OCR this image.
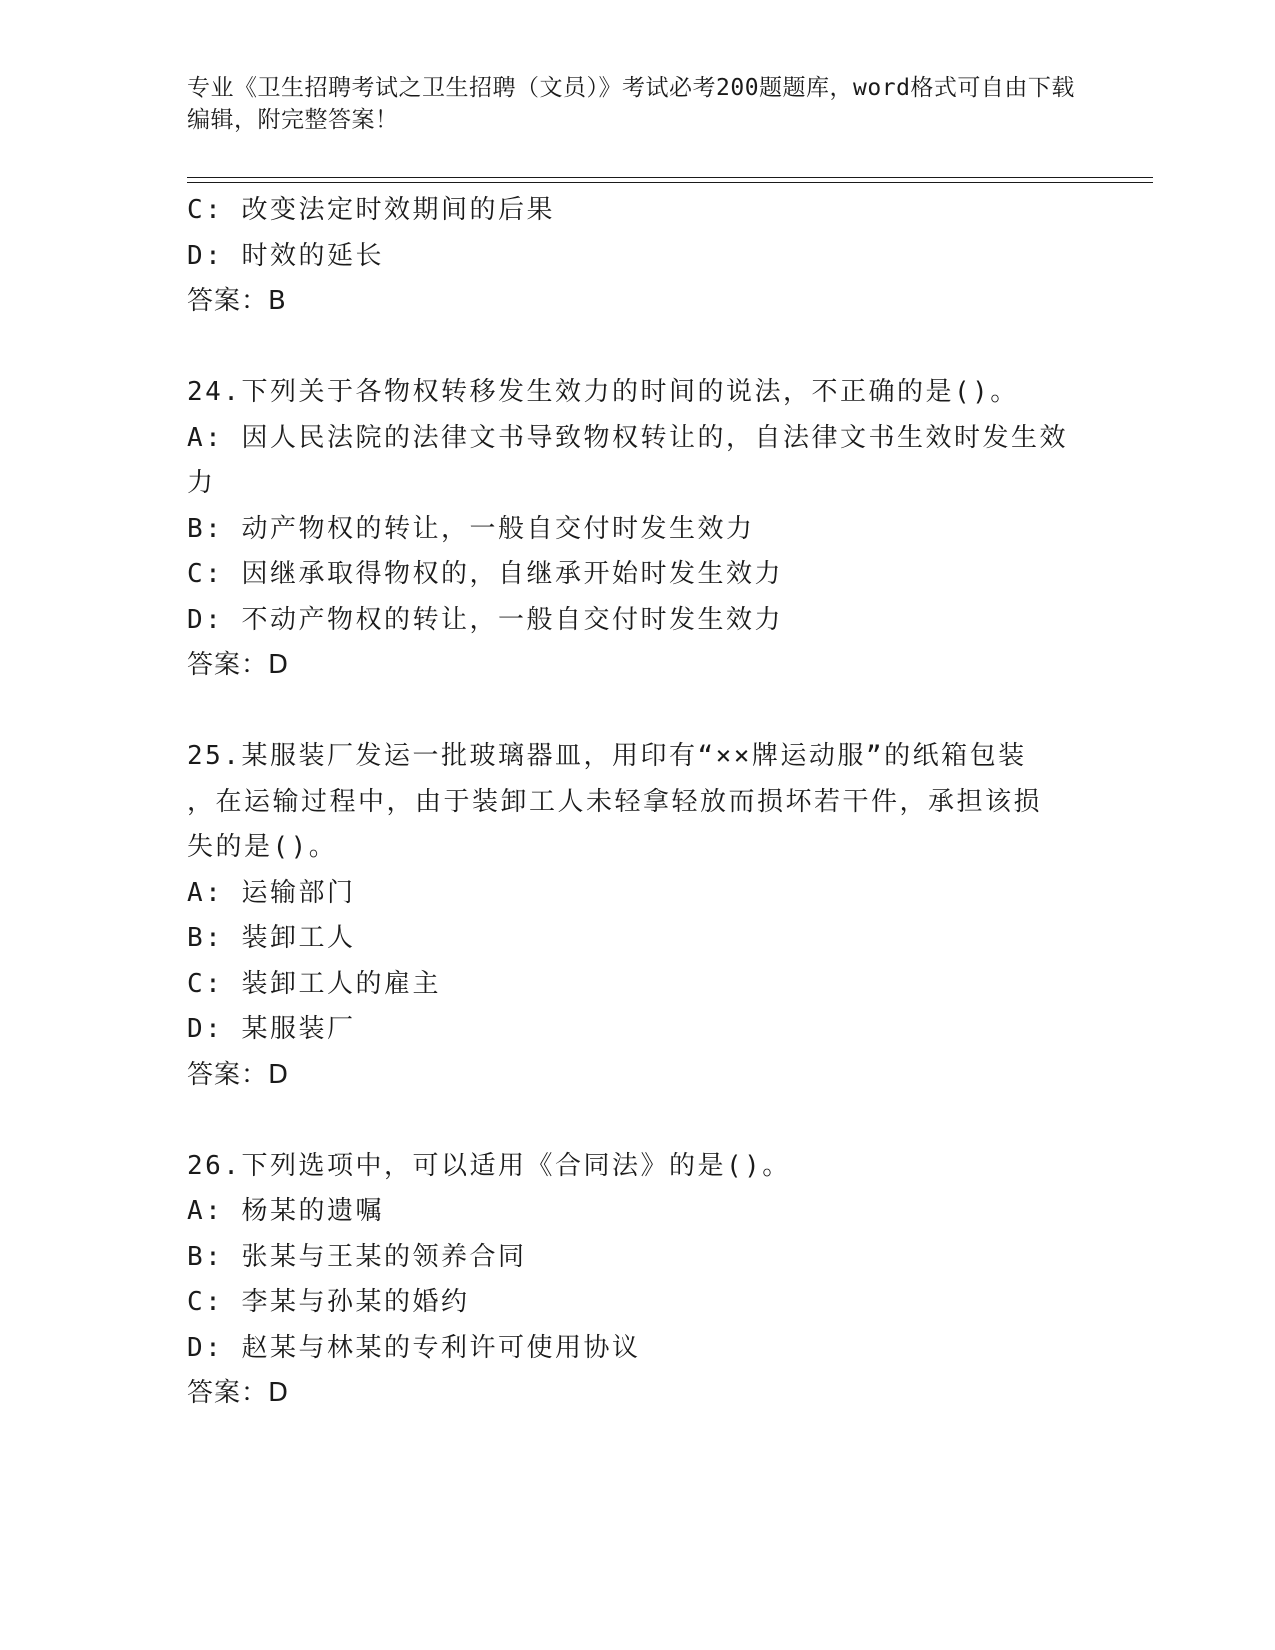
专业《卫生招聘考试之卫生招聘（文员）》考试必考200题题库，word格式可自由下载编辑，附完整答案！
C: 改变法定时效期间的后果
D: 时效的延长
答案： B
24.下列关于各物权转移发生效力的时间的说法，不正确的是()。
A: 因人民法院的法律文书导致物权转让的，自法律文书生效时发生效
力
B: 动产物权的转让，一般自交付时发生效力
C: 因继承取得物权的，自继承开始时发生效力
D: 不动产物权的转让，一般自交付时发生效力
答案： D
25.某服装厂发运一批玻璃器皿，用印有“××牌运动服”的纸箱包装
，在运输过程中，由于装卸工人未轻拿轻放而损坏若干件，承担该损
失的是()。
A: 运输部门
B: 装卸工人
C: 装卸工人的雇主
D: 某服装厂
答案： D
26.下列选项中，可以适用《合同法》的是()。
A: 杨某的遗嘱
B: 张某与王某的领养合同
C: 李某与孙某的婚约
D: 赵某与林某的专利许可使用协议
答案： D
